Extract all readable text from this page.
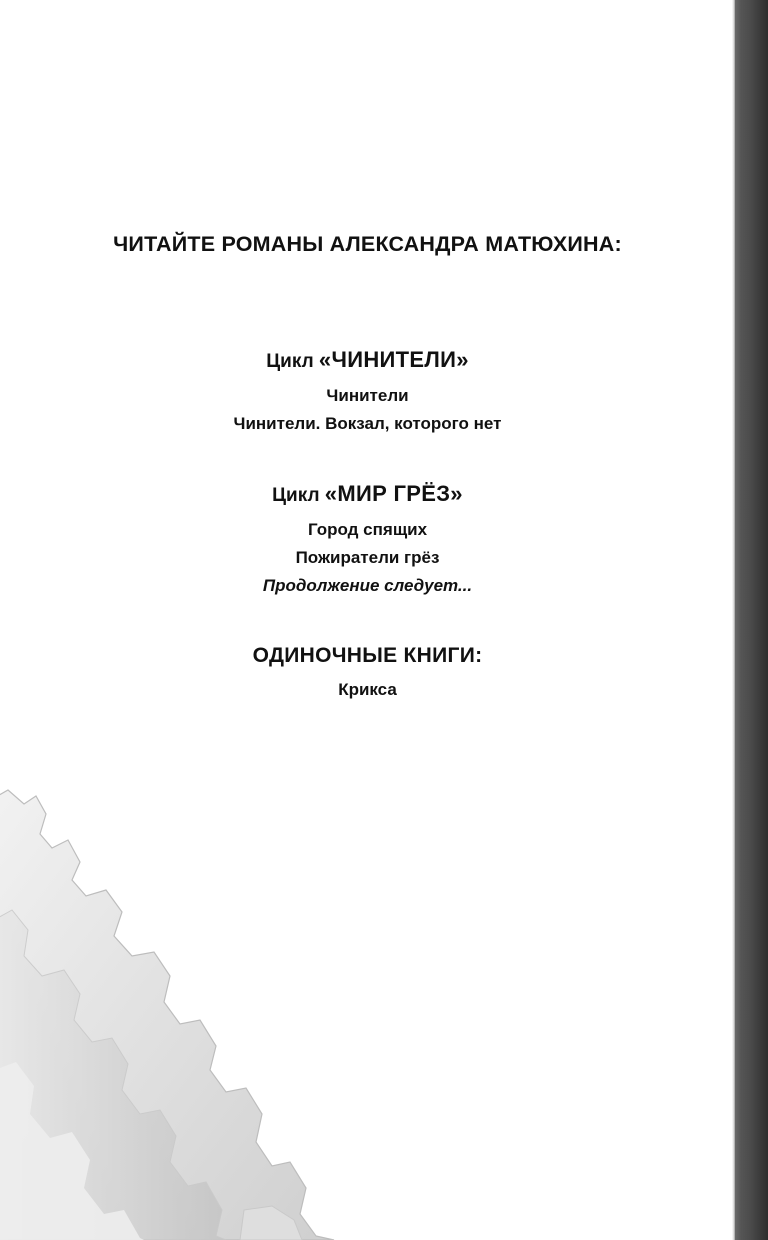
ЧИТАЙТЕ РОМАНЫ АЛЕКСАНДРА МАТЮХИНА:

Цикл «ЧИНИТЕЛИ»

Чинители

Чинители. Вокзал, которого нет

Цикл «МИР ГРЁЗ»

Город спящих

Пожиратели грёз

Продолжение следует...

ОДИНОЧНЫЕ КНИГИ:

Крикса
